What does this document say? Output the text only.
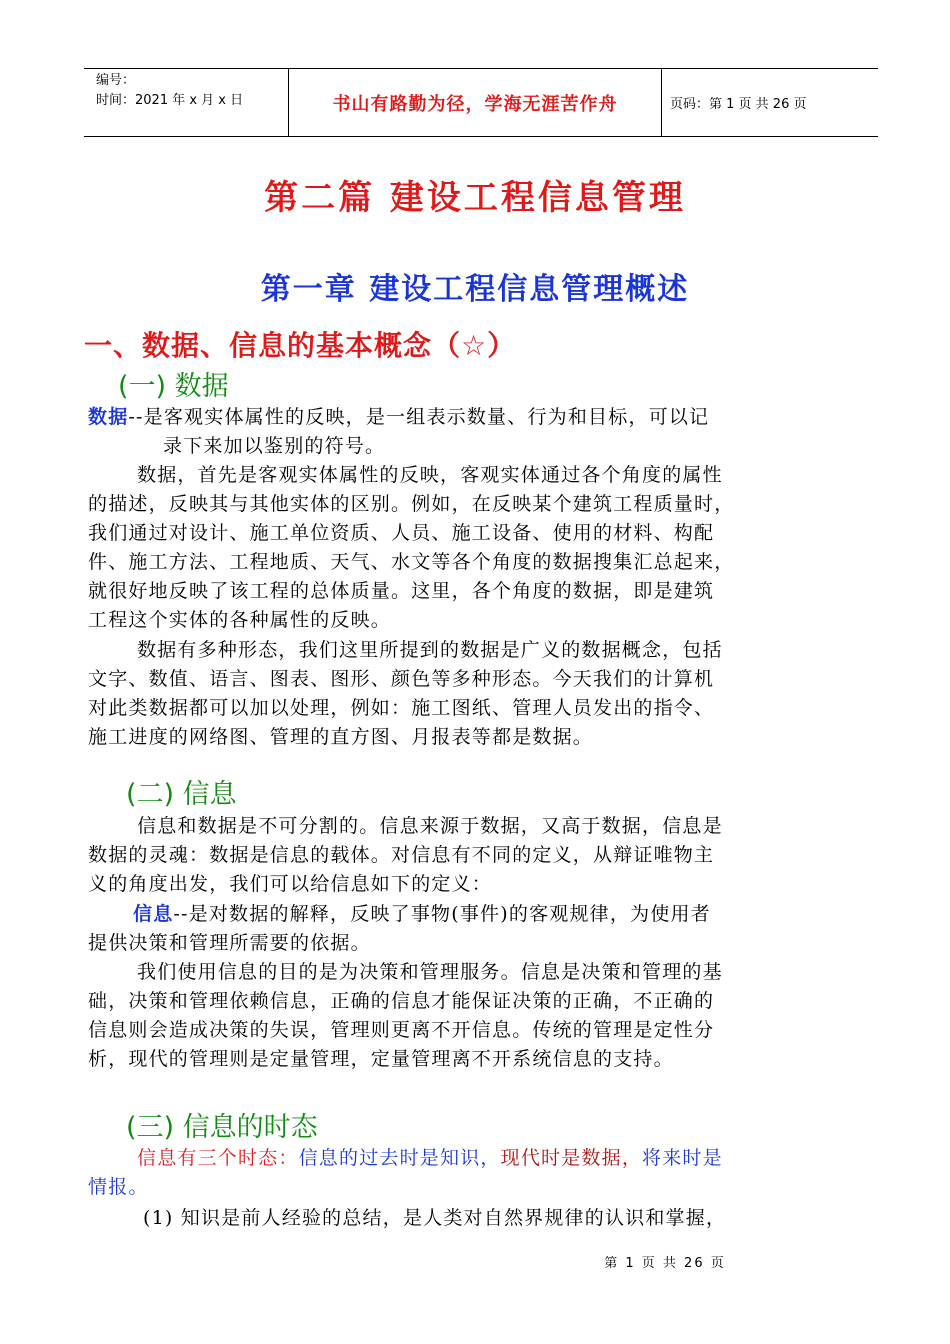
编号：
时间：2021 年 x 月 x 日	书山有路勤为径，学海无涯苦作舟	页码：第 1 页 共 26 页
第二篇 建设工程信息管理
第一章 建设工程信息管理概述
一、数据、信息的基本概念（☆）
(一) 数据
数据--是客观实体属性的反映，是一组表示数量、行为和目标，可以记
录下来加以鉴别的符号。
数据，首先是客观实体属性的反映，客观实体通过各个角度的属性
的描述，反映其与其他实体的区别。例如，在反映某个建筑工程质量时，
我们通过对设计、施工单位资质、人员、施工设备、使用的材料、构配
件、施工方法、工程地质、天气、水文等各个角度的数据搜集汇总起来，
就很好地反映了该工程的总体质量。这里，各个角度的数据，即是建筑
工程这个实体的各种属性的反映。
数据有多种形态，我们这里所提到的数据是广义的数据概念，包括
文字、数值、语言、图表、图形、颜色等多种形态。今天我们的计算机
对此类数据都可以加以处理，例如：施工图纸、管理人员发出的指令、
施工进度的网络图、管理的直方图、月报表等都是数据。
(二) 信息
信息和数据是不可分割的。信息来源于数据，又高于数据，信息是
数据的灵魂：数据是信息的载体。对信息有不同的定义，从辩证唯物主
义的角度出发，我们可以给信息如下的定义：
信息--是对数据的解释，反映了事物(事件)的客观规律，为使用者
提供决策和管理所需要的依据。
我们使用信息的目的是为决策和管理服务。信息是决策和管理的基
础，决策和管理依赖信息，正确的信息才能保证决策的正确，不正确的
信息则会造成决策的失误，管理则更离不开信息。传统的管理是定性分
析，现代的管理则是定量管理，定量管理离不开系统信息的支持。
(三) 信息的时态
信息有三个时态：信息的过去时是知识，现代时是数据，将来时是
情报。
(1) 知识是前人经验的总结，是人类对自然界规律的认识和掌握，
第 1 页 共 26 页
